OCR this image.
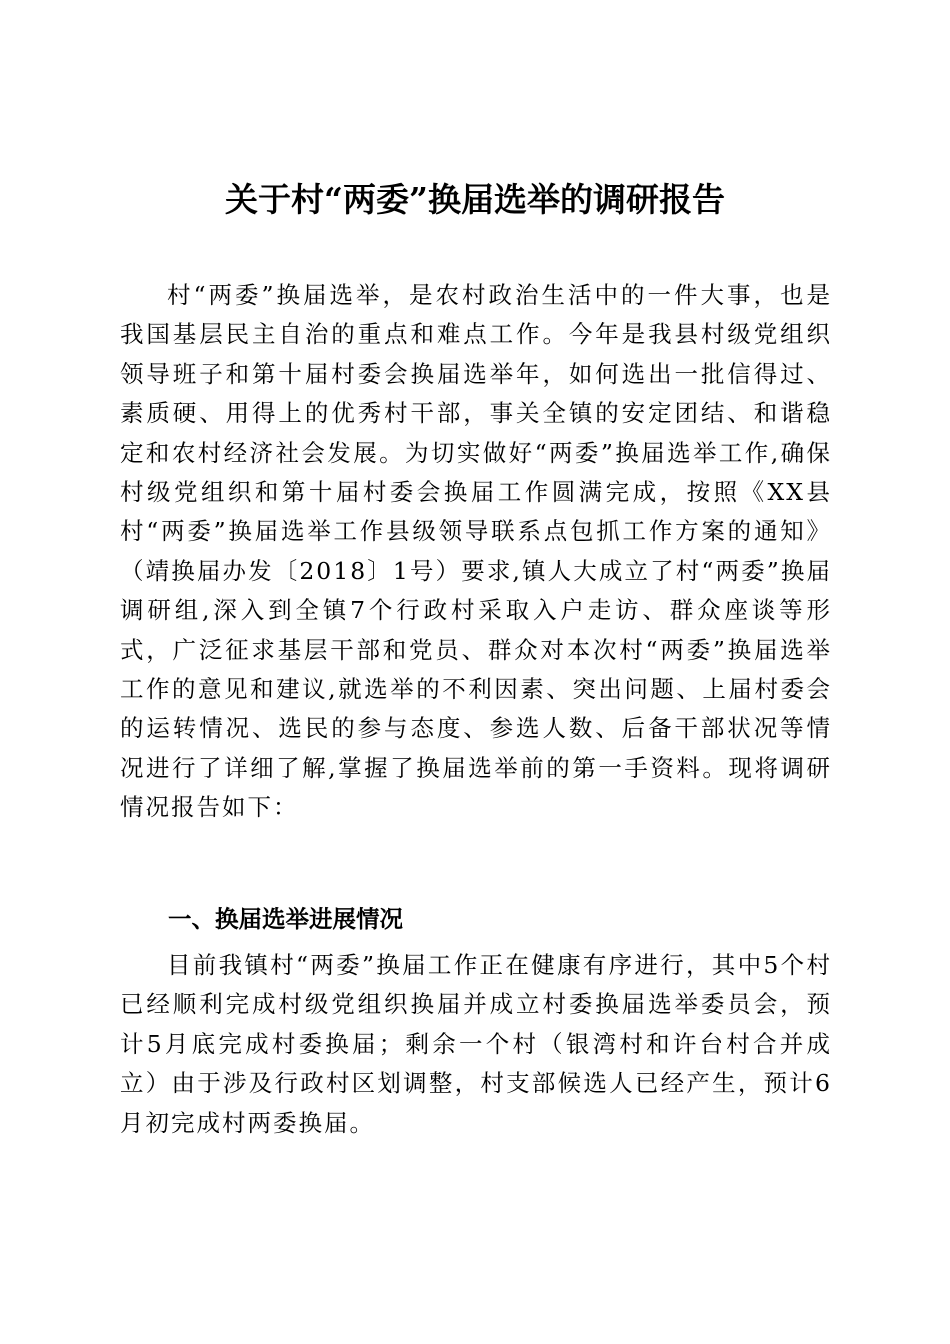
关于村“两委”换届选举的调研报告

村“两委”换届选举，是农村政治生活中的一件大事，也是我国基层民主自治的重点和难点工作。今年是我县村级党组织领导班子和第十届村委会换届选举年，如何选出一批信得过、素质硬、用得上的优秀村干部，事关全镇的安定团结、和谐稳定和农村经济社会发展。为切实做好“两委”换届选举工作,确保村级党组织和第十届村委会换届工作圆满完成，按照《XX县村“两委”换届选举工作县级领导联系点包抓工作方案的通知》（靖换届办发〔2018〕1号）要求,镇人大成立了村“两委”换届调研组,深入到全镇7个行政村采取入户走访、群众座谈等形式，广泛征求基层干部和党员、群众对本次村“两委”换届选举工作的意见和建议,就选举的不利因素、突出问题、上届村委会的运转情况、选民的参与态度、参选人数、后备干部状况等情况进行了详细了解,掌握了换届选举前的第一手资料。现将调研情况报告如下：

一、换届选举进展情况

目前我镇村“两委”换届工作正在健康有序进行，其中5个村已经顺利完成村级党组织换届并成立村委换届选举委员会，预计5月底完成村委换届；剩余一个村（银湾村和许台村合并成立）由于涉及行政村区划调整，村支部候选人已经产生，预计6月初完成村两委换届。
